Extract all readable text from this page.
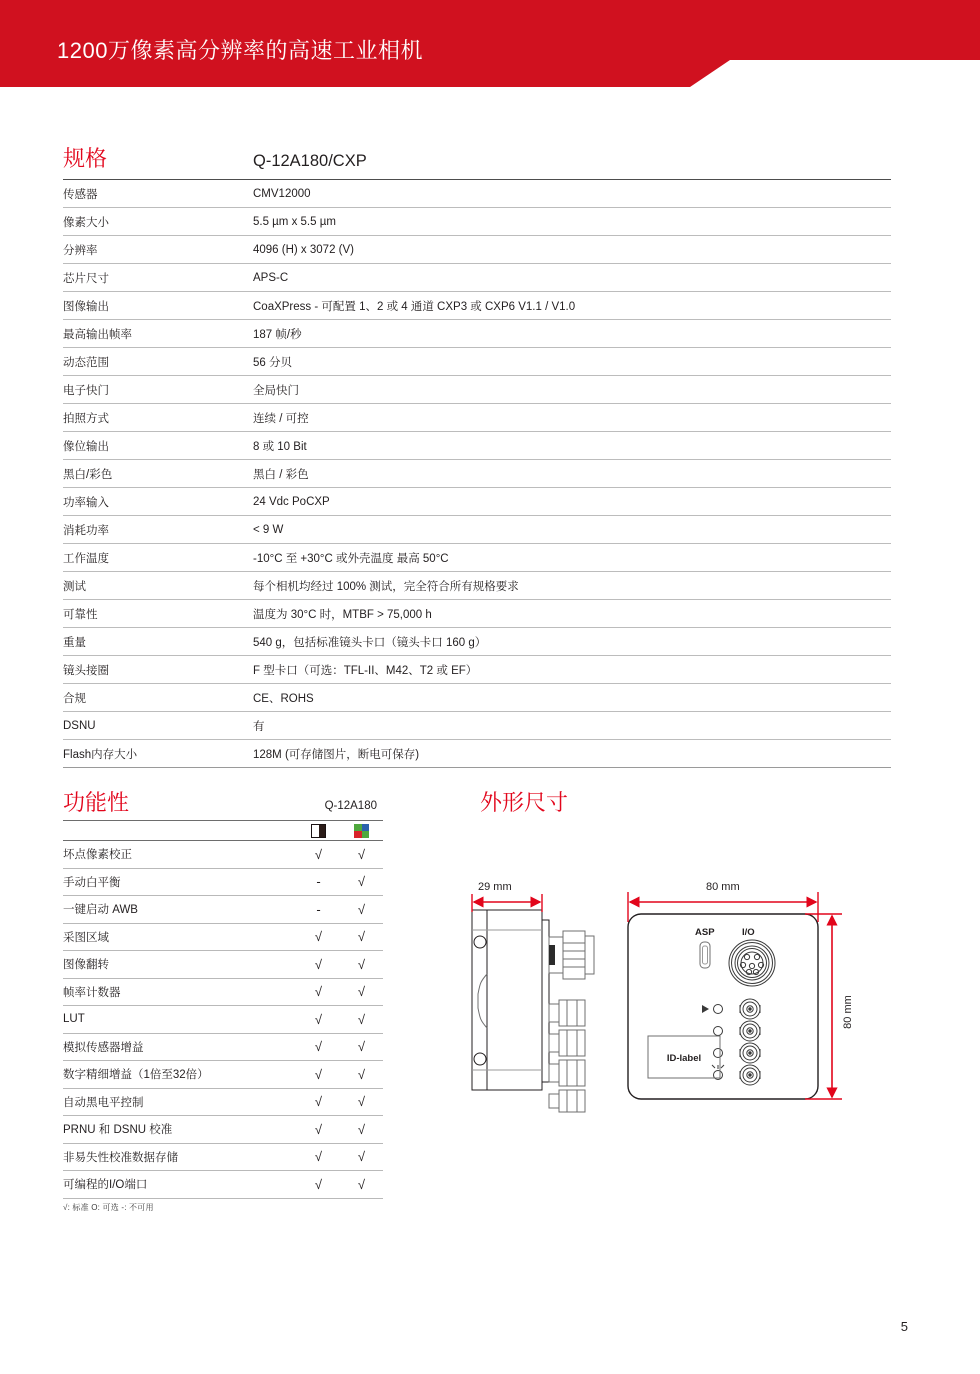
1200万像素高分辨率的高速工业相机
规格	Q-12A180/CXP
传感器	CMV12000
像素大小	5.5 µm x 5.5 µm
分辨率	4096 (H) x 3072 (V)
芯片尺寸	APS-C
图像输出	CoaXPress - 可配置 1、2 或 4 通道 CXP3 或 CXP6 V1.1 / V1.0
最高输出帧率	187 帧/秒
动态范围	56 分贝
电子快门	全局快门
拍照方式	连续 / 可控
像位输出	8 或 10 Bit
黑白/彩色	黑白 / 彩色
功率输入	24 Vdc PoCXP
消耗功率	< 9 W
工作温度	-10°C 至 +30°C 或外壳温度 最高 50°C
测试	每个相机均经过 100% 测试，完全符合所有规格要求
可靠性	温度为 30°C 时，MTBF > 75,000 h
重量	540 g，包括标准镜头卡口（镜头卡口 160 g）
镜头接圈	F 型卡口（可选：TFL-II、M42、T2 或 EF）
合规	CE、ROHS
DSNU	有
Flash内存大小	128M (可存储图片，断电可保存)
功能性	Q-12A180
坏点像素校正	√	√
手动白平衡	-	√
一键启动 AWB	-	√
采图区域	√	√
图像翻转	√	√
帧率计数器	√	√
LUT	√	√
模拟传感器增益	√	√
数字精细增益（1倍至32倍）	√	√
自动黑电平控制	√	√
PRNU 和 DSNU 校准	√	√
非易失性校准数据存储	√	√
可编程的I/O端口	√	√
√: 标准 O: 可选 -: 不可用
外形尺寸
29 mm
ASP	I/O
ID-label
80 mm
80 mm
5
